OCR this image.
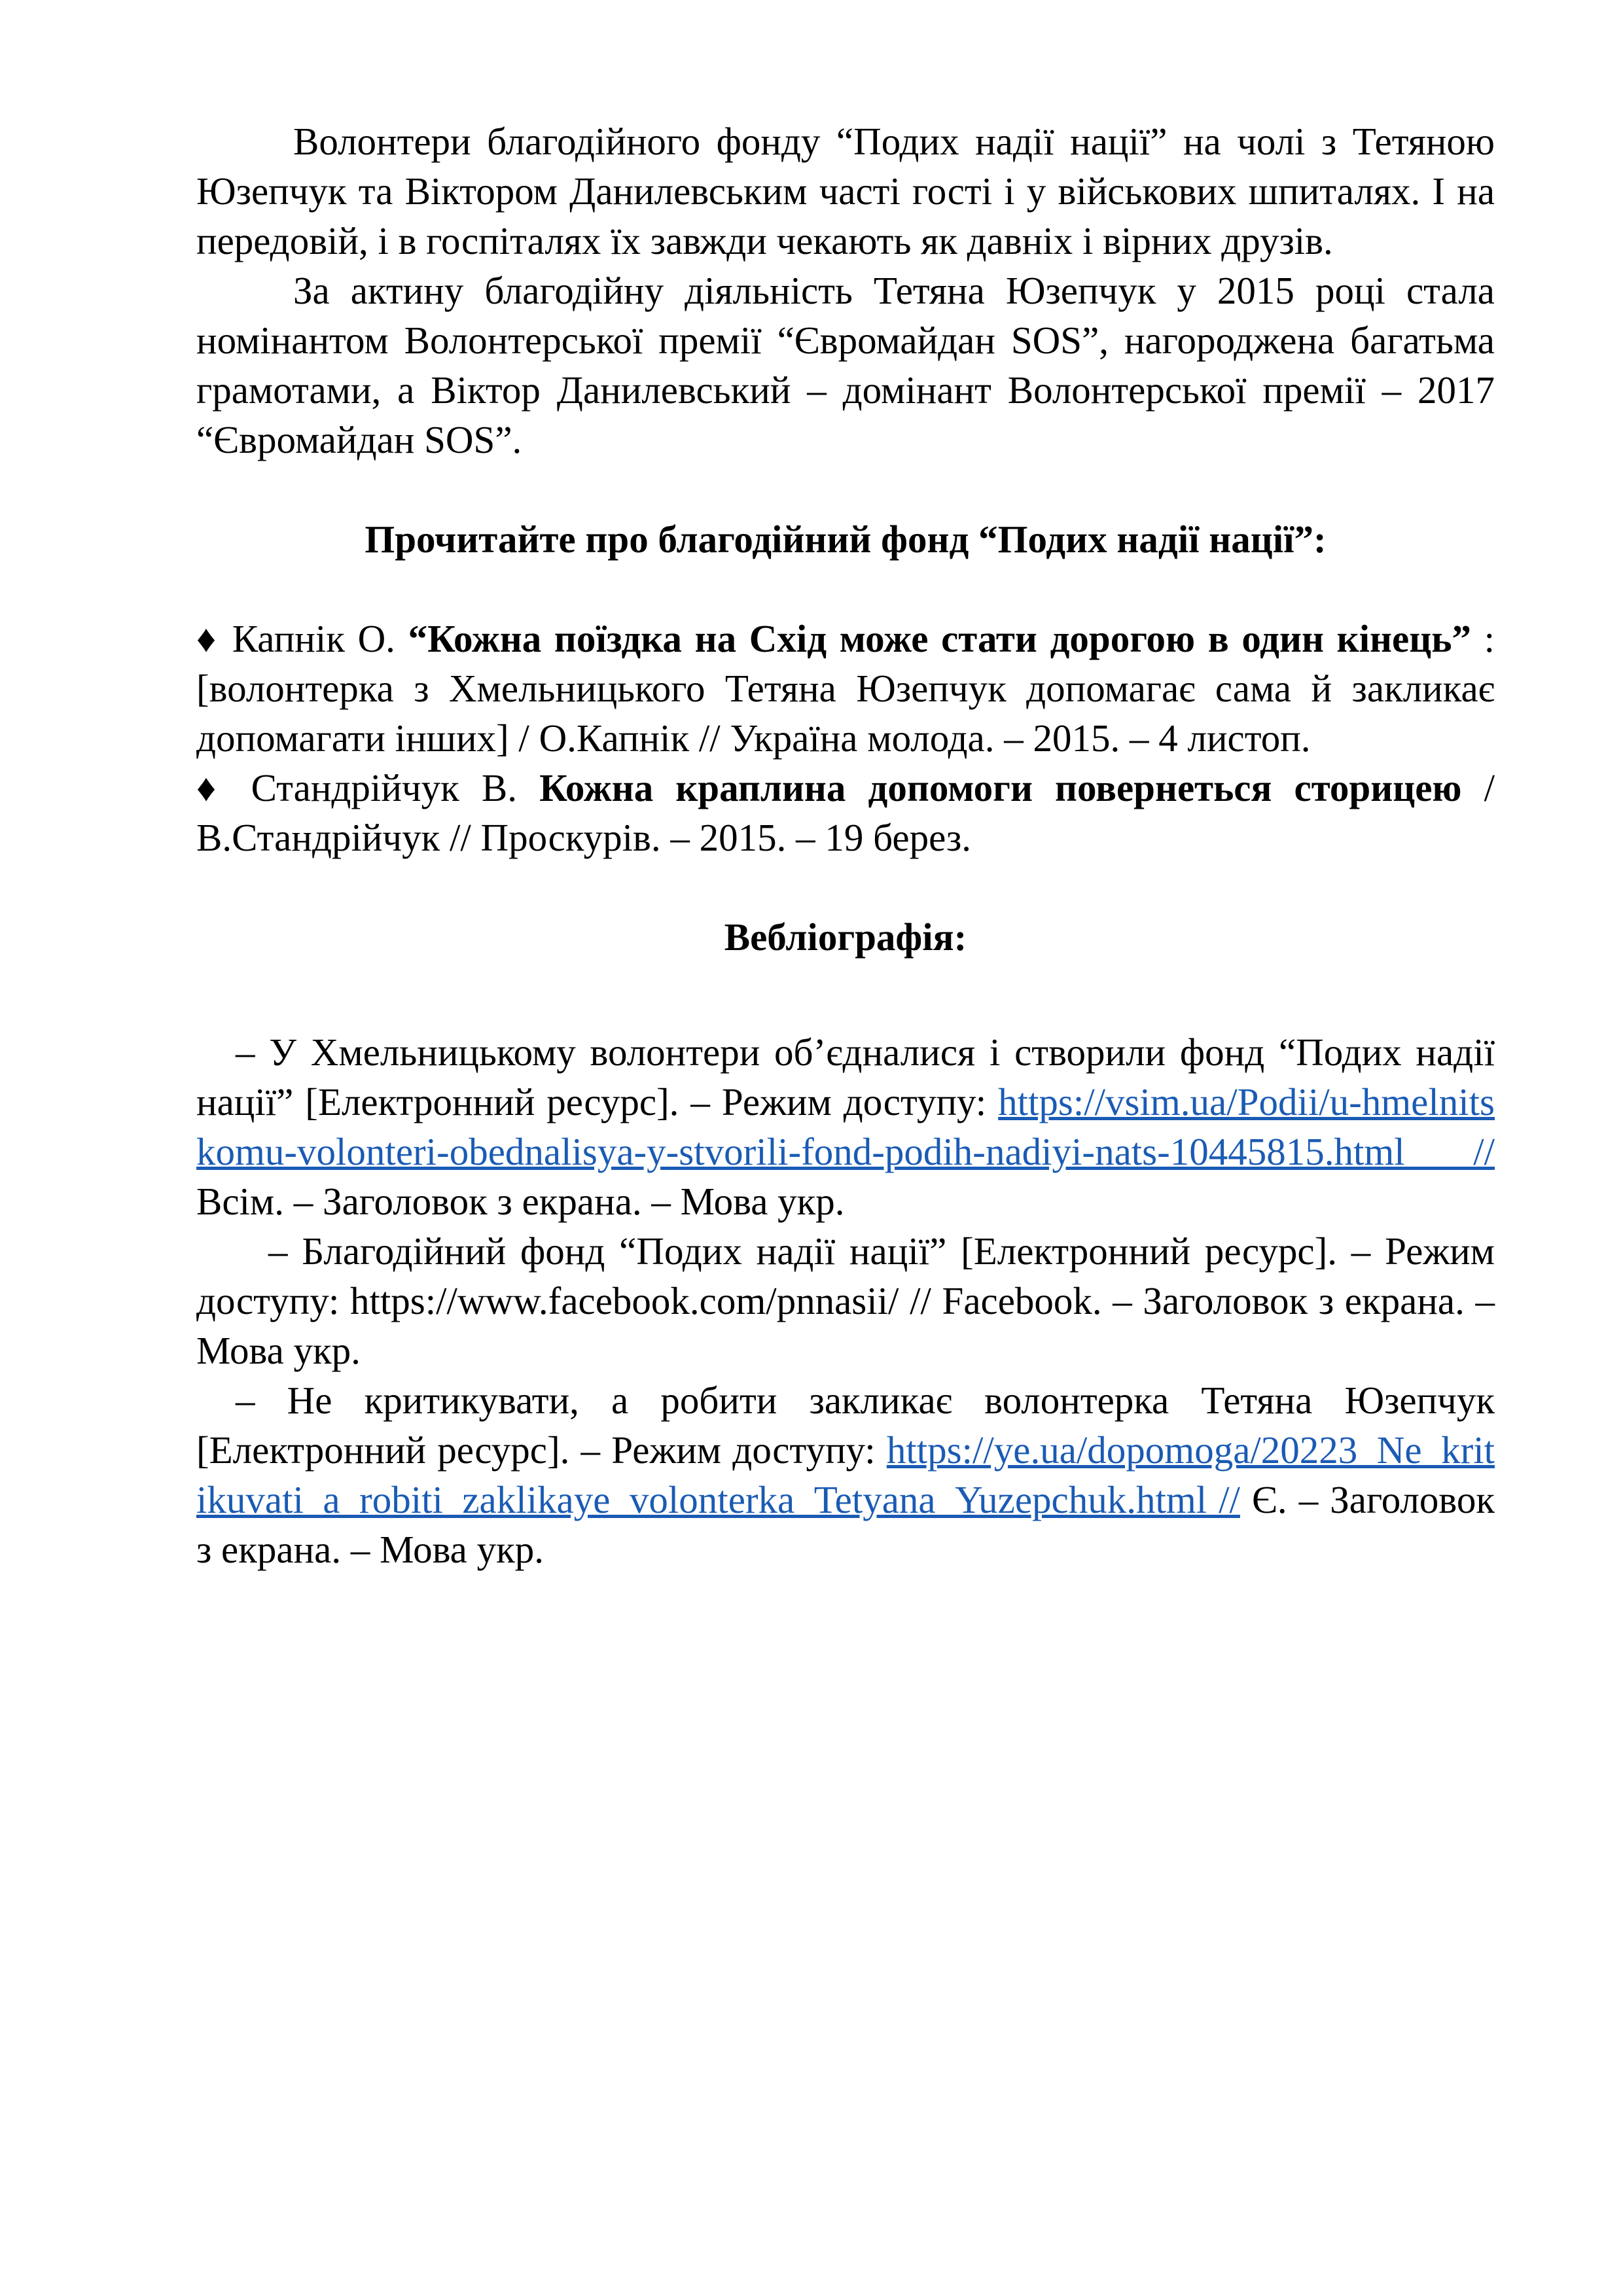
Волонтери благодійного фонду “Подих надії нації” на чолі з Тетяною Юзепчук та Віктором Данилевським часті гості і у військових шпиталях. І на передовій, і в госпіталях їх завжди чекають як давніх і вірних друзів.

За актину благодійну діяльність Тетяна Юзепчук у 2015 році стала номінантом Волонтерської премії “Євромайдан SOS”, нагороджена багатьма грамотами, а Віктор Данилевський – домінант Волонтерської премії – 2017 “Євромайдан SOS”.

Прочитайте про благодійний фонд “Подих надії нації”:

♦ Капнік О. “Кожна поїздка на Схід може стати дорогою в один кінець” : [волонтерка з Хмельницького Тетяна Юзепчук допомагає сама й закликає допомагати інших] / О.Капнік // Україна молода. – 2015. – 4 листоп.

♦ Стандрійчук В. Кожна краплина допомоги повернеться сторицею / В.Стандрійчук // Проскурів. – 2015. – 19 берез.

Вебліографія:

– У Хмельницькому волонтери об’єдналися і створили фонд “Подих надії нації” [Електронний ресурс]. – Режим доступу: https://vsim.ua/Podii/u-hmelnitskomu-volonteri-obednalisya-y-stvorili-fond-podih-nadiyi-nats-10445815.html // Всім. – Заголовок з екрана. – Мова укр.

– Благодійний фонд “Подих надії нації” [Електронний ресурс]. – Режим доступу: https://www.facebook.com/pnnasii/ // Facebook. – Заголовок з екрана. – Мова укр.

– Не критикувати, а робити закликає волонтерка Тетяна Юзепчук [Електронний ресурс]. – Режим доступу: https://ye.ua/dopomoga/20223_Ne_kritikuvati_a_robiti_zaklikaye_volonterka_Tetyana_Yuzepchuk.html // Є. – Заголовок з екрана. – Мова укр.
